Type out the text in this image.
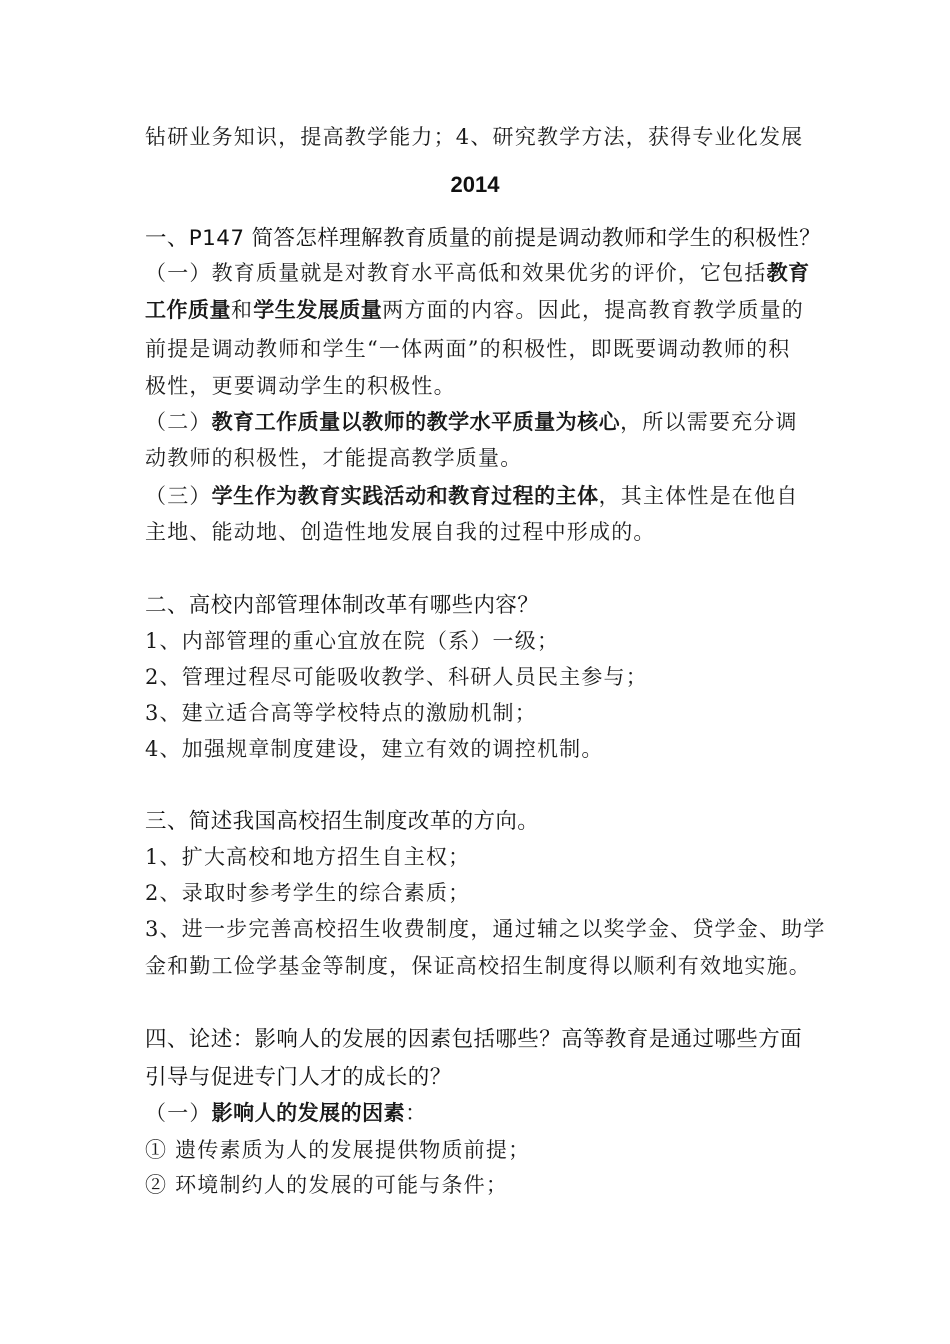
钻研业务知识，提高教学能力；4、研究教学方法，获得专业化发展
2014
一、P147 简答怎样理解教育质量的前提是调动教师和学生的积极性？
（一）教育质量就是对教育水平高低和效果优劣的评价，它包括教育
工作质量和学生发展质量两方面的内容。因此，提高教育教学质量的
前提是调动教师和学生“一体两面”的积极性，即既要调动教师的积
极性，更要调动学生的积极性。
（二）教育工作质量以教师的教学水平质量为核心，所以需要充分调
动教师的积极性，才能提高教学质量。
（三）学生作为教育实践活动和教育过程的主体，其主体性是在他自
主地、能动地、创造性地发展自我的过程中形成的。
二、高校内部管理体制改革有哪些内容？
1、内部管理的重心宜放在院（系）一级；
2、管理过程尽可能吸收教学、科研人员民主参与；
3、建立适合高等学校特点的激励机制；
4、加强规章制度建设，建立有效的调控机制。
三、简述我国高校招生制度改革的方向。
1、扩大高校和地方招生自主权；
2、录取时参考学生的综合素质；
3、进一步完善高校招生收费制度，通过辅之以奖学金、贷学金、助学
金和勤工俭学基金等制度，保证高校招生制度得以顺利有效地实施。
四、论述：影响人的发展的因素包括哪些？高等教育是通过哪些方面
引导与促进专门人才的成长的？
（一）影响人的发展的因素：
① 遗传素质为人的发展提供物质前提；
② 环境制约人的发展的可能与条件；
